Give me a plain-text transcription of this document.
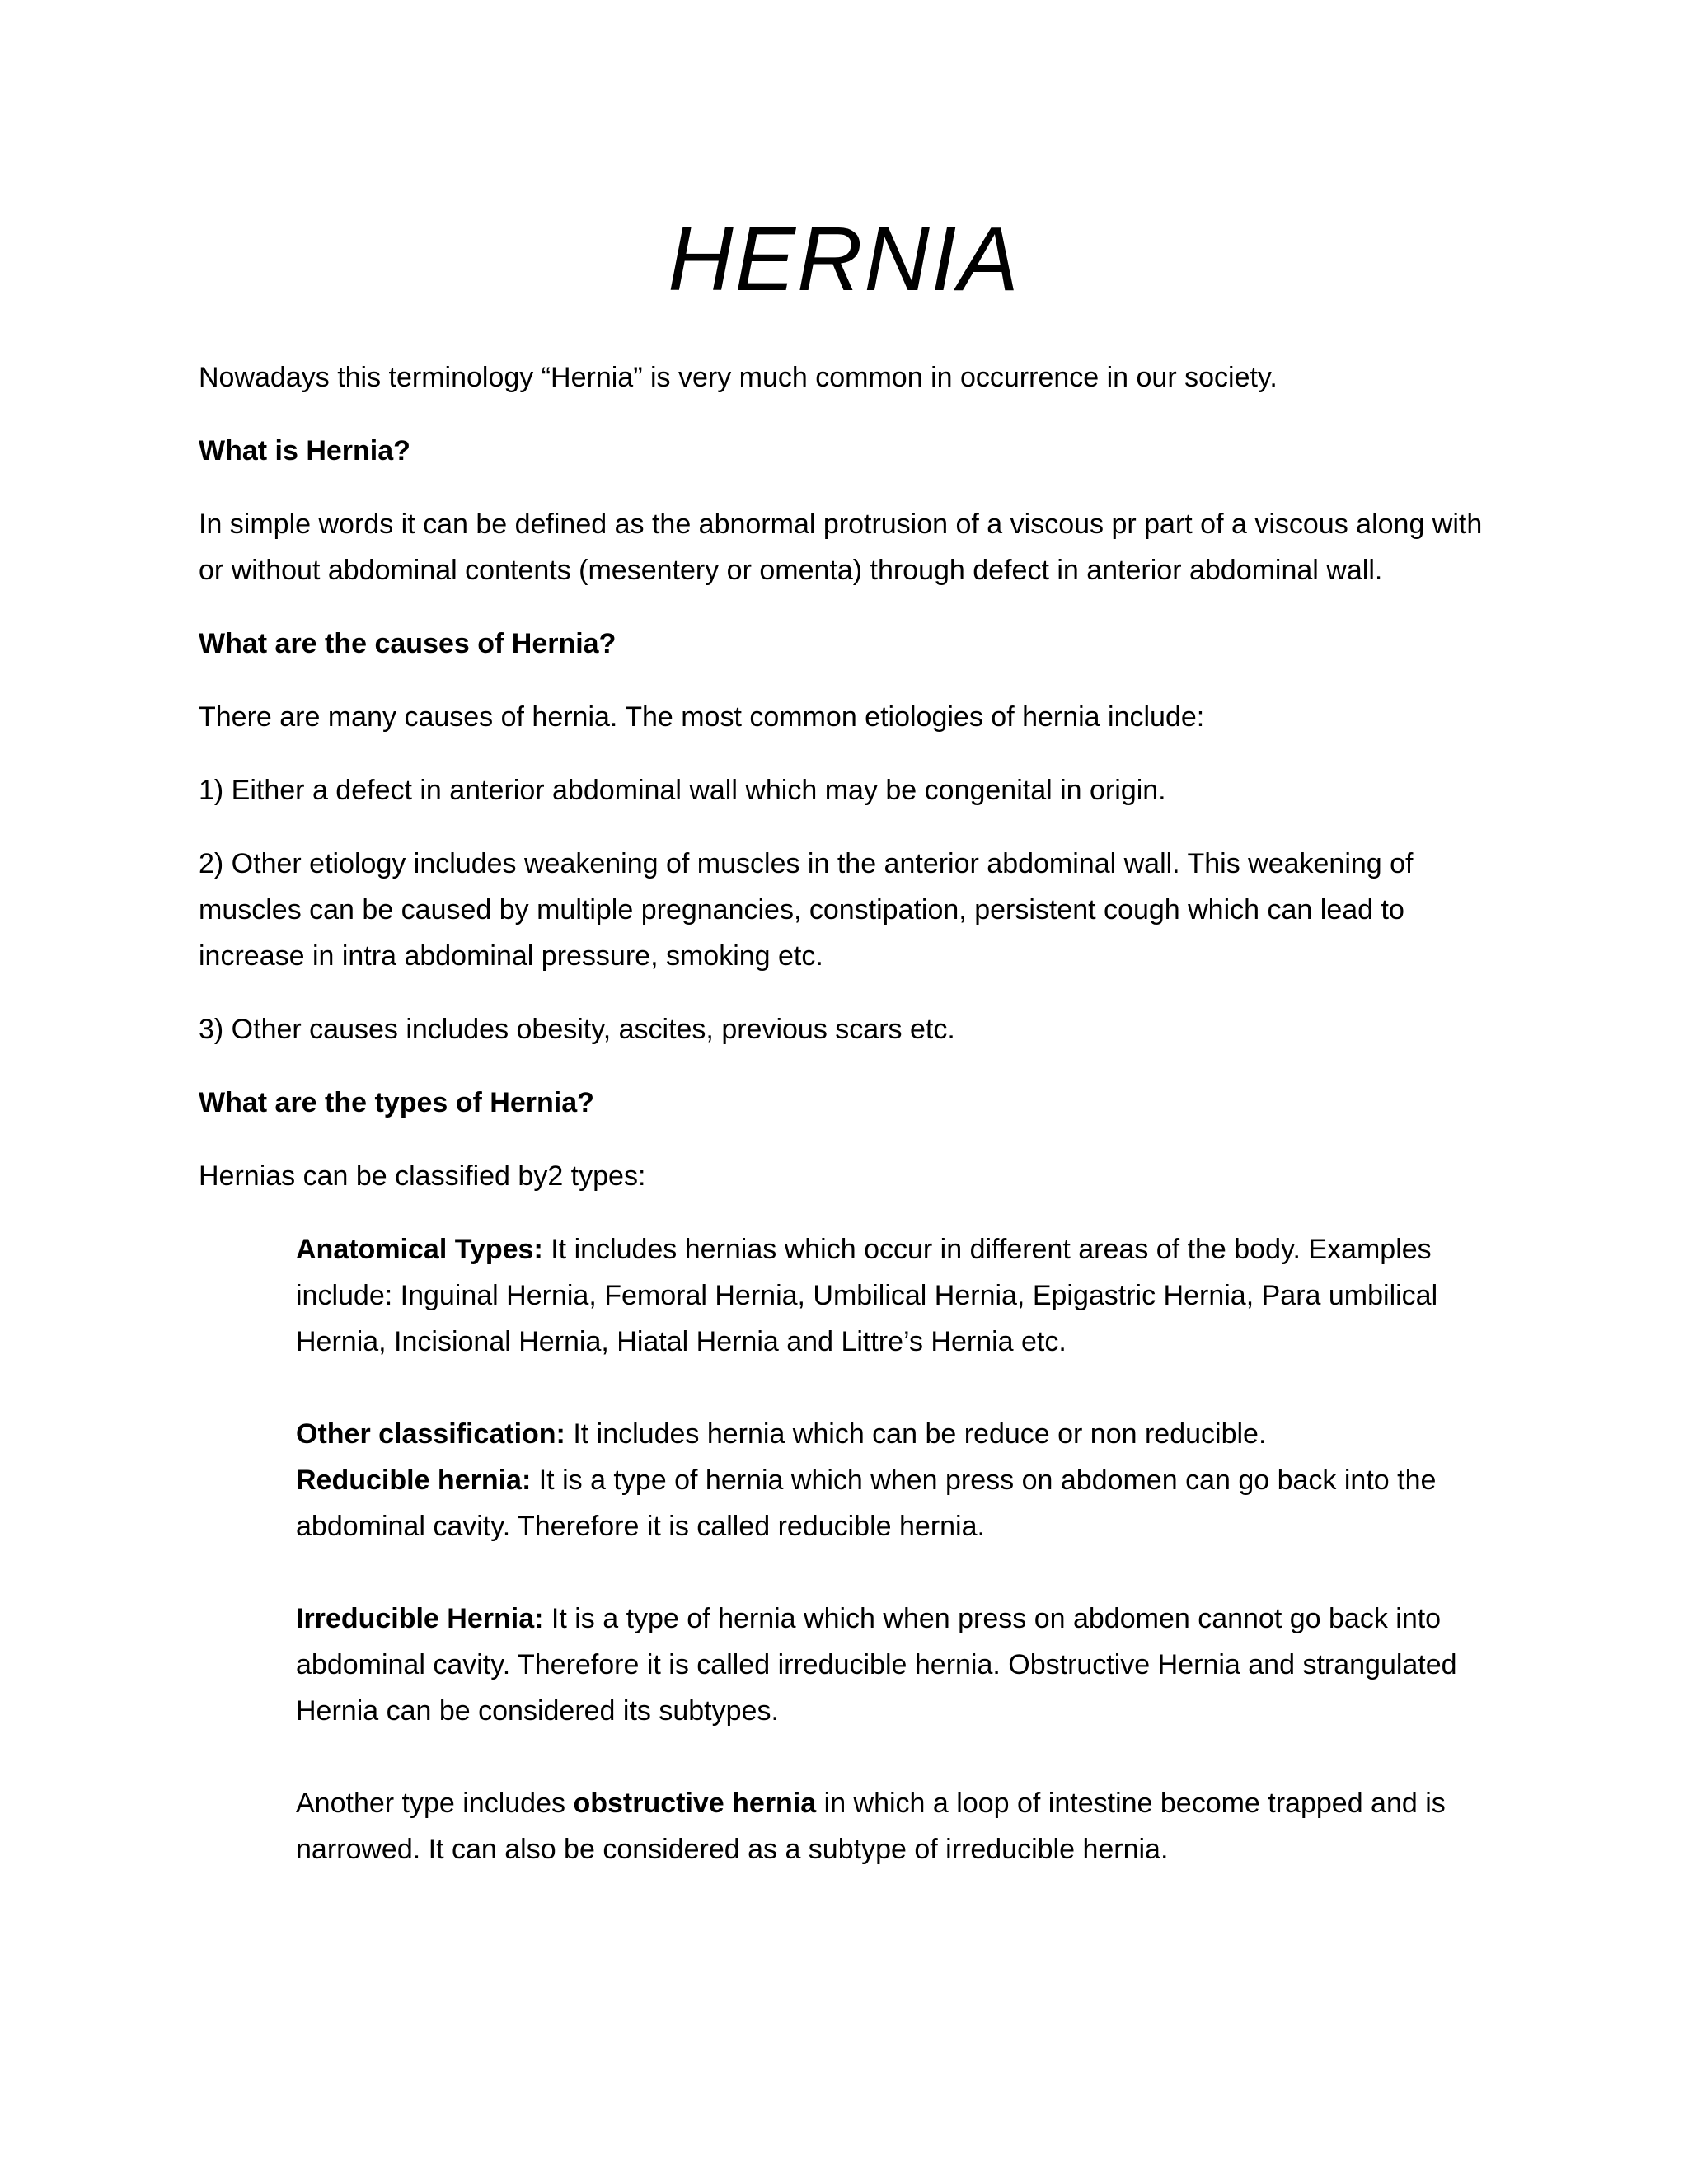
HERNIA

Nowadays this terminology “Hernia” is very much common in occurrence in our society.

What is Hernia?

In simple words it can be defined as the abnormal protrusion of a viscous pr part of a viscous along with or without abdominal contents (mesentery or omenta) through defect in anterior abdominal wall.

What are the causes of Hernia?

There are many causes of hernia. The most common etiologies of hernia include:

1) Either a defect in anterior abdominal wall which may be congenital in origin.

2) Other etiology includes weakening of muscles in the anterior abdominal wall. This weakening of muscles can be caused by multiple pregnancies, constipation, persistent cough which can lead to increase in intra abdominal pressure, smoking etc.

3) Other causes includes obesity, ascites, previous scars etc.

What are the types of Hernia?

Hernias can be classified by2 types:

Anatomical Types: It includes hernias which occur in different areas of the body. Examples include: Inguinal Hernia, Femoral Hernia, Umbilical Hernia, Epigastric Hernia, Para umbilical Hernia, Incisional Hernia, Hiatal Hernia and Littre’s Hernia etc.

Other classification: It includes hernia which can be reduce or non reducible.

Reducible hernia: It is a type of hernia which when press on abdomen can go back into the abdominal cavity. Therefore it is called reducible hernia.

Irreducible Hernia: It is a type of hernia which when press on abdomen cannot go back into abdominal cavity. Therefore it is called irreducible hernia. Obstructive Hernia and strangulated Hernia can be considered its subtypes.

Another type includes obstructive hernia in which a loop of intestine become trapped and is narrowed. It can also be considered as a subtype of irreducible hernia.
